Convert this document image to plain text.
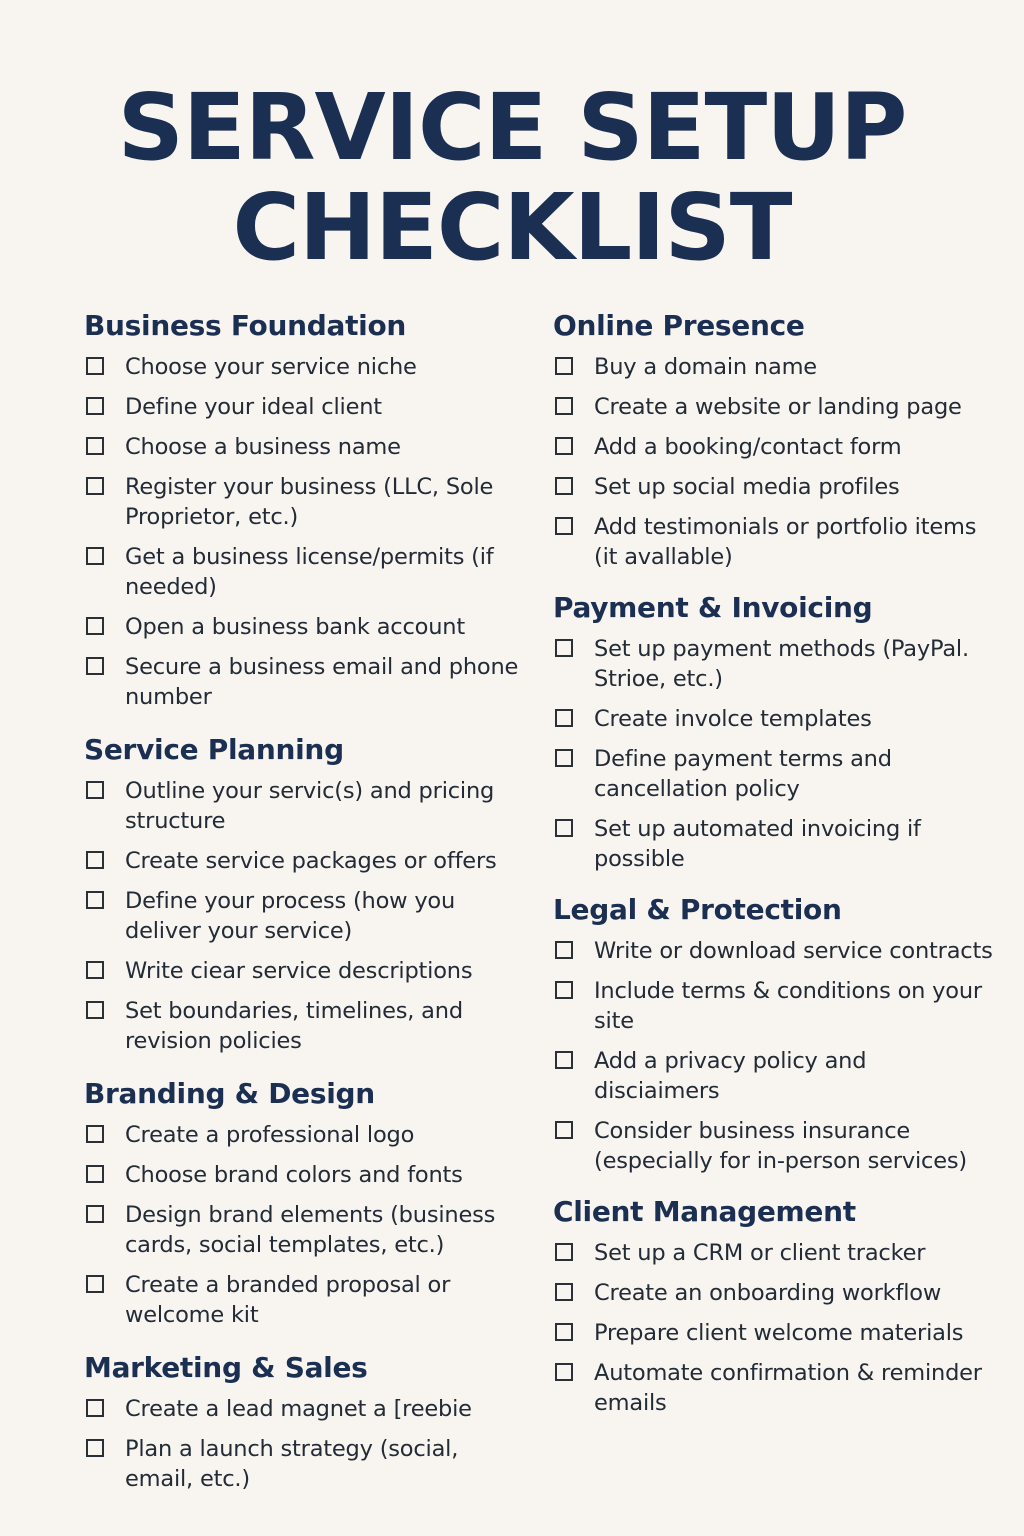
SERVICE SETUP
CHECKLIST
Business Foundation
Choose your service niche
Define your ideal client
Choose a business name
Register your business (LLC, Sole Proprietor, etc.)
Get a business license/permits (if needed)
Open a business bank account
Secure a business email and phone number
Service Planning
Outline your servic(s) and pricing structure
Create service packages or offers
Define your process (how you deliver your service)
Write ciear service descriptions
Set boundaries, timelines, and revision policies
Branding & Design
Create a professional logo
Choose brand colors and fonts
Design brand elements (business cards, social templates, etc.)
Create a branded proposal or welcome kit
Marketing & Sales
Create a lead magnet a [reebie
Plan a launch strategy (social, email, etc.)
Online Presence
Buy a domain name
Create a website or landing page
Add a booking/contact form
Set up social media profiles
Add testimonials or portfolio items (it avallable)
Payment & Invoicing
Set up payment methods (PayPal. Strioe, etc.)
Create involce templates
Define payment terms and cancellation policy
Set up automated invoicing if possible
Legal & Protection
Write or download service contracts
Include terms & conditions on your site
Add a privacy policy and disciaimers
Consider business insurance (especially for in-person services)
Client Management
Set up a CRM or client tracker
Create an onboarding workflow
Prepare client welcome materials
Automate confirmation & reminder emails
